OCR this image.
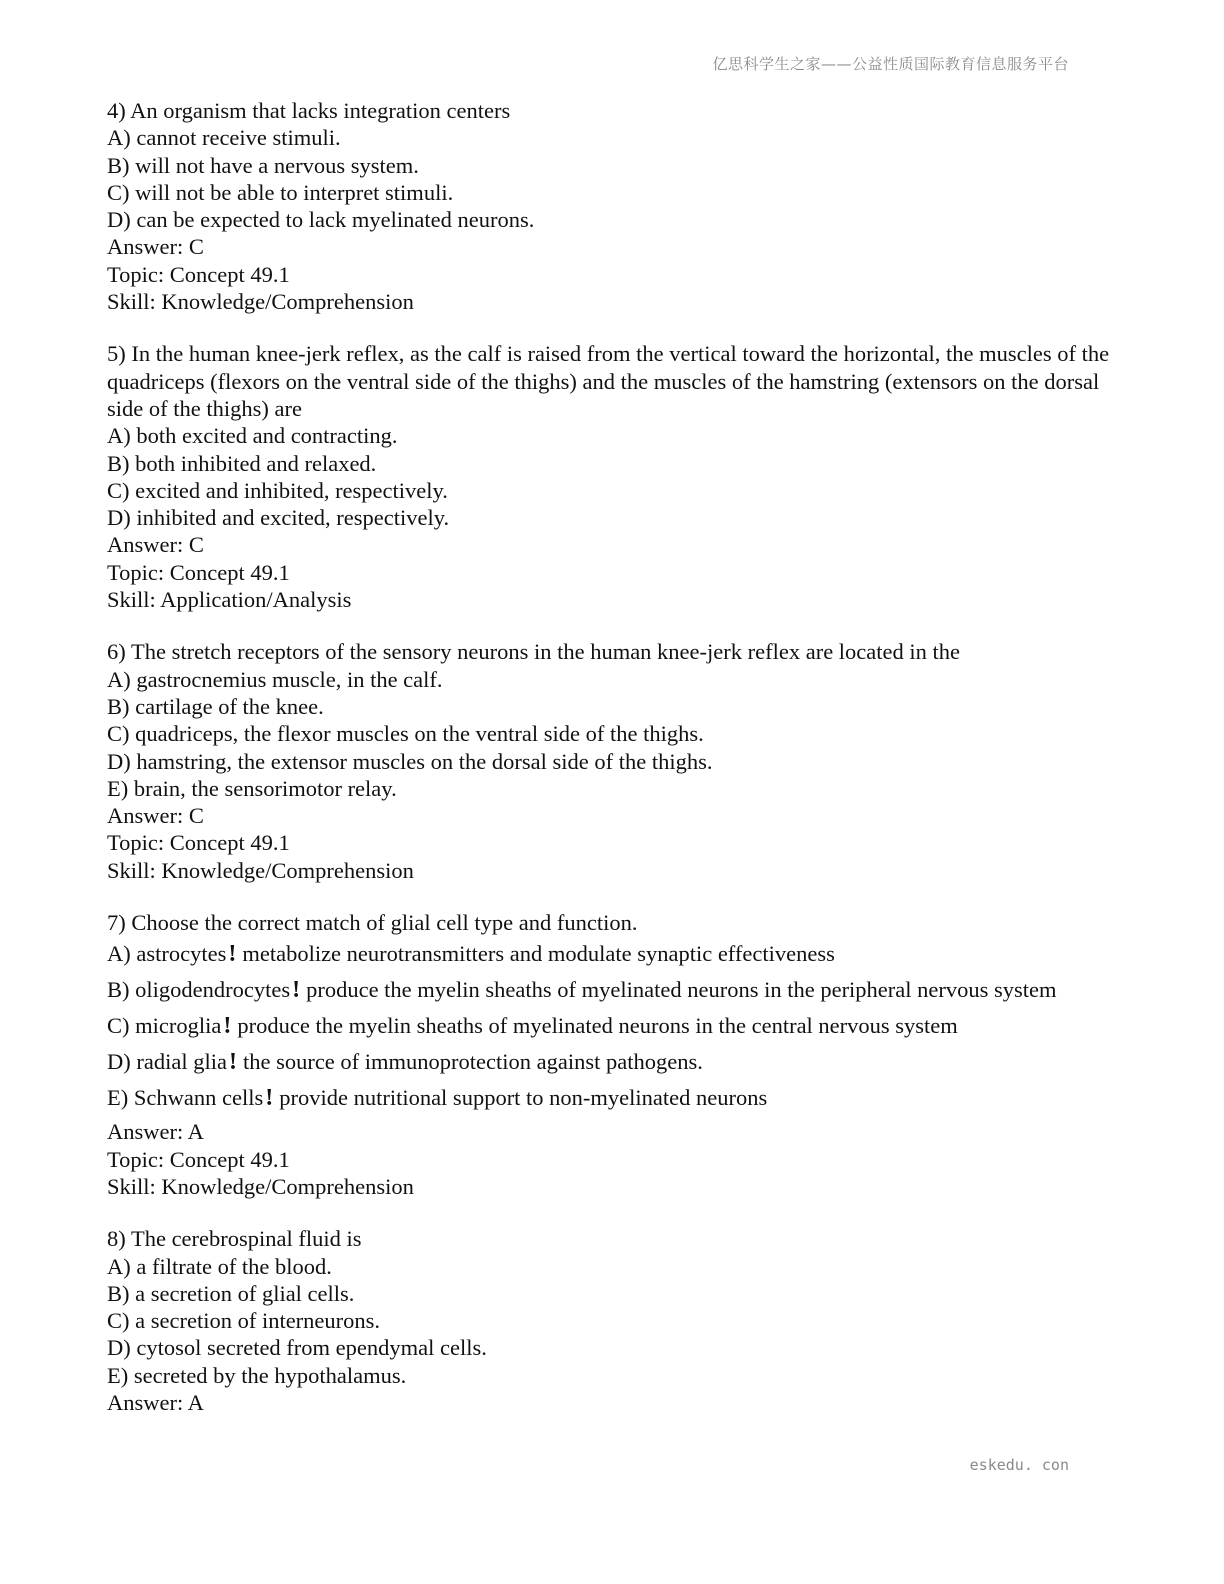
亿思科学生之家——公益性质国际教育信息服务平台
4) An organism that lacks integration centers
A) cannot receive stimuli.
B) will not have a nervous system.
C) will not be able to interpret stimuli.
D) can be expected to lack myelinated neurons.
Answer: C
Topic: Concept 49.1
Skill: Knowledge/Comprehension
5) In the human knee-jerk reflex, as the calf is raised from the vertical toward the horizontal, the muscles of the quadriceps (flexors on the ventral side of the thighs) and the muscles of the hamstring (extensors on the dorsal side of the thighs) are
A) both excited and contracting.
B) both inhibited and relaxed.
C) excited and inhibited, respectively.
D) inhibited and excited, respectively.
Answer: C
Topic: Concept 49.1
Skill: Application/Analysis
6) The stretch receptors of the sensory neurons in the human knee-jerk reflex are located in the
A) gastrocnemius muscle, in the calf.
B) cartilage of the knee.
C) quadriceps, the flexor muscles on the ventral side of the thighs.
D) hamstring, the extensor muscles on the dorsal side of the thighs.
E) brain, the sensorimotor relay.
Answer: C
Topic: Concept 49.1
Skill: Knowledge/Comprehension
7) Choose the correct match of glial cell type and function.
A) astrocytes! metabolize neurotransmitters and modulate synaptic effectiveness
B) oligodendrocytes! produce the myelin sheaths of myelinated neurons in the peripheral nervous system
C) microglia! produce the myelin sheaths of myelinated neurons in the central nervous system
D) radial glia! the source of immunoprotection against pathogens.
E) Schwann cells! provide nutritional support to non-myelinated neurons
Answer: A
Topic: Concept 49.1
Skill: Knowledge/Comprehension
8) The cerebrospinal fluid is
A) a filtrate of the blood.
B) a secretion of glial cells.
C) a secretion of interneurons.
D) cytosol secreted from ependymal cells.
E) secreted by the hypothalamus.
Answer: A
eskedu. con
